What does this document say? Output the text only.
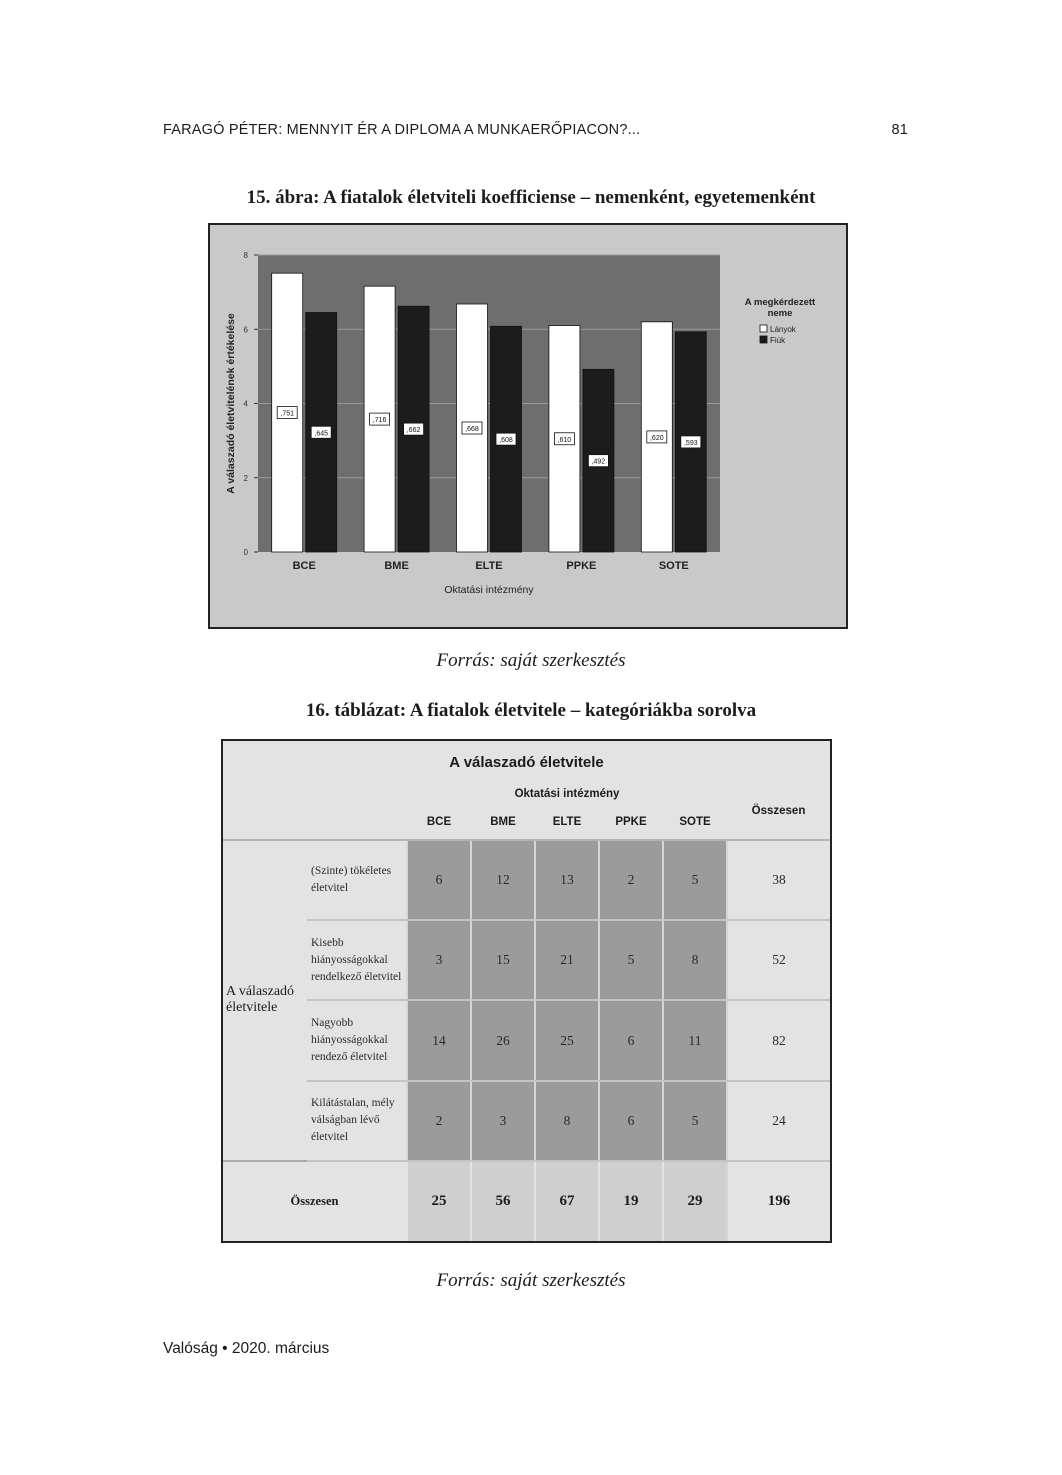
FARAGÓ PÉTER: MENNYIT ÉR A DIPLOMA A MUNKAERŐPIACON?...	81
15. ábra: A fiatalok életviteli koefficiense – nemenként, egyetemenként
0
2
4
6
8
A válaszadó életvitelének értékelése	,751
,645
BCE
,716
,662
BME
,668
,608
ELTE
,610
,492
PPKE
,620
,593
SOTE
Oktatási intézmény
A megkérdezett
neme
Lányok
Fiúk
Forrás: saját szerkesztés
16. táblázat: A fiatalok életvitele – kategóriákba sorolva
A válaszadó életvitele							
		Oktatási intézmény					Összesen
		BCE	BME	ELTE	PPKE	SOTE	
A válaszadó életvitele	(Szinte) tökéletes életvitel	6	12	13	2	5	38
	Kisebb hiányosságokkal rendelkező életvitel	3	15	21	5	8	52
	Nagyobb hiányosságokkal rendező életvitel	14	26	25	6	11	82
	Kilátástalan, mély válságban lévő életvitel	2	3	8	6	5	24
Összesen		25	56	67	19	29	196
Forrás: saját szerkesztés
Valóság • 2020. március
